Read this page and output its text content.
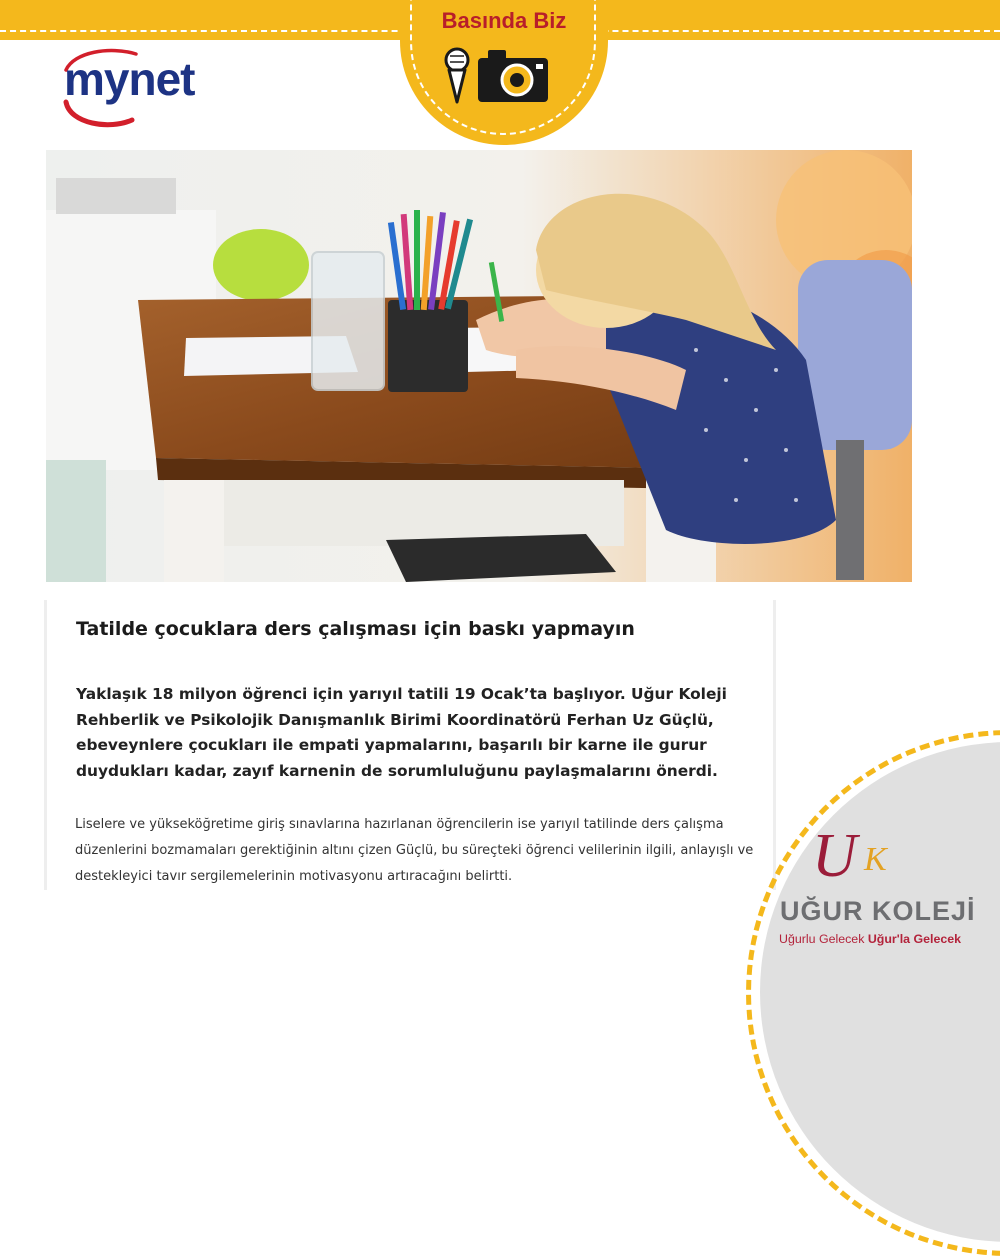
Basında Biz
mynet
Tatilde çocuklara ders çalışması için baskı yapmayın
Yaklaşık 18 milyon öğrenci için yarıyıl tatili 19 Ocak’ta başlıyor. Uğur Koleji Rehberlik ve Psikolojik Danışmanlık Birimi Koordinatörü Ferhan Uz Güçlü, ebeveynlere çocukları ile empati yapmalarını, başarılı bir karne ile gurur duydukları kadar, zayıf karnenin de sorumluluğunu paylaşmalarını önerdi.
Liselere ve yükseköğretime giriş sınavlarına hazırlanan öğrencilerin ise yarıyıl tatilinde ders çalışma düzenlerini bozmamaları gerektiğinin altını çizen Güçlü, bu süreçteki öğrenci velilerinin ilgili, anlayışlı ve destekleyici tavır sergilemelerinin motivasyonu artıracağını belirtti.	U K
UĞUR KOLEJİ
Uğurlu Gelecek Uğur'la Gelecek
